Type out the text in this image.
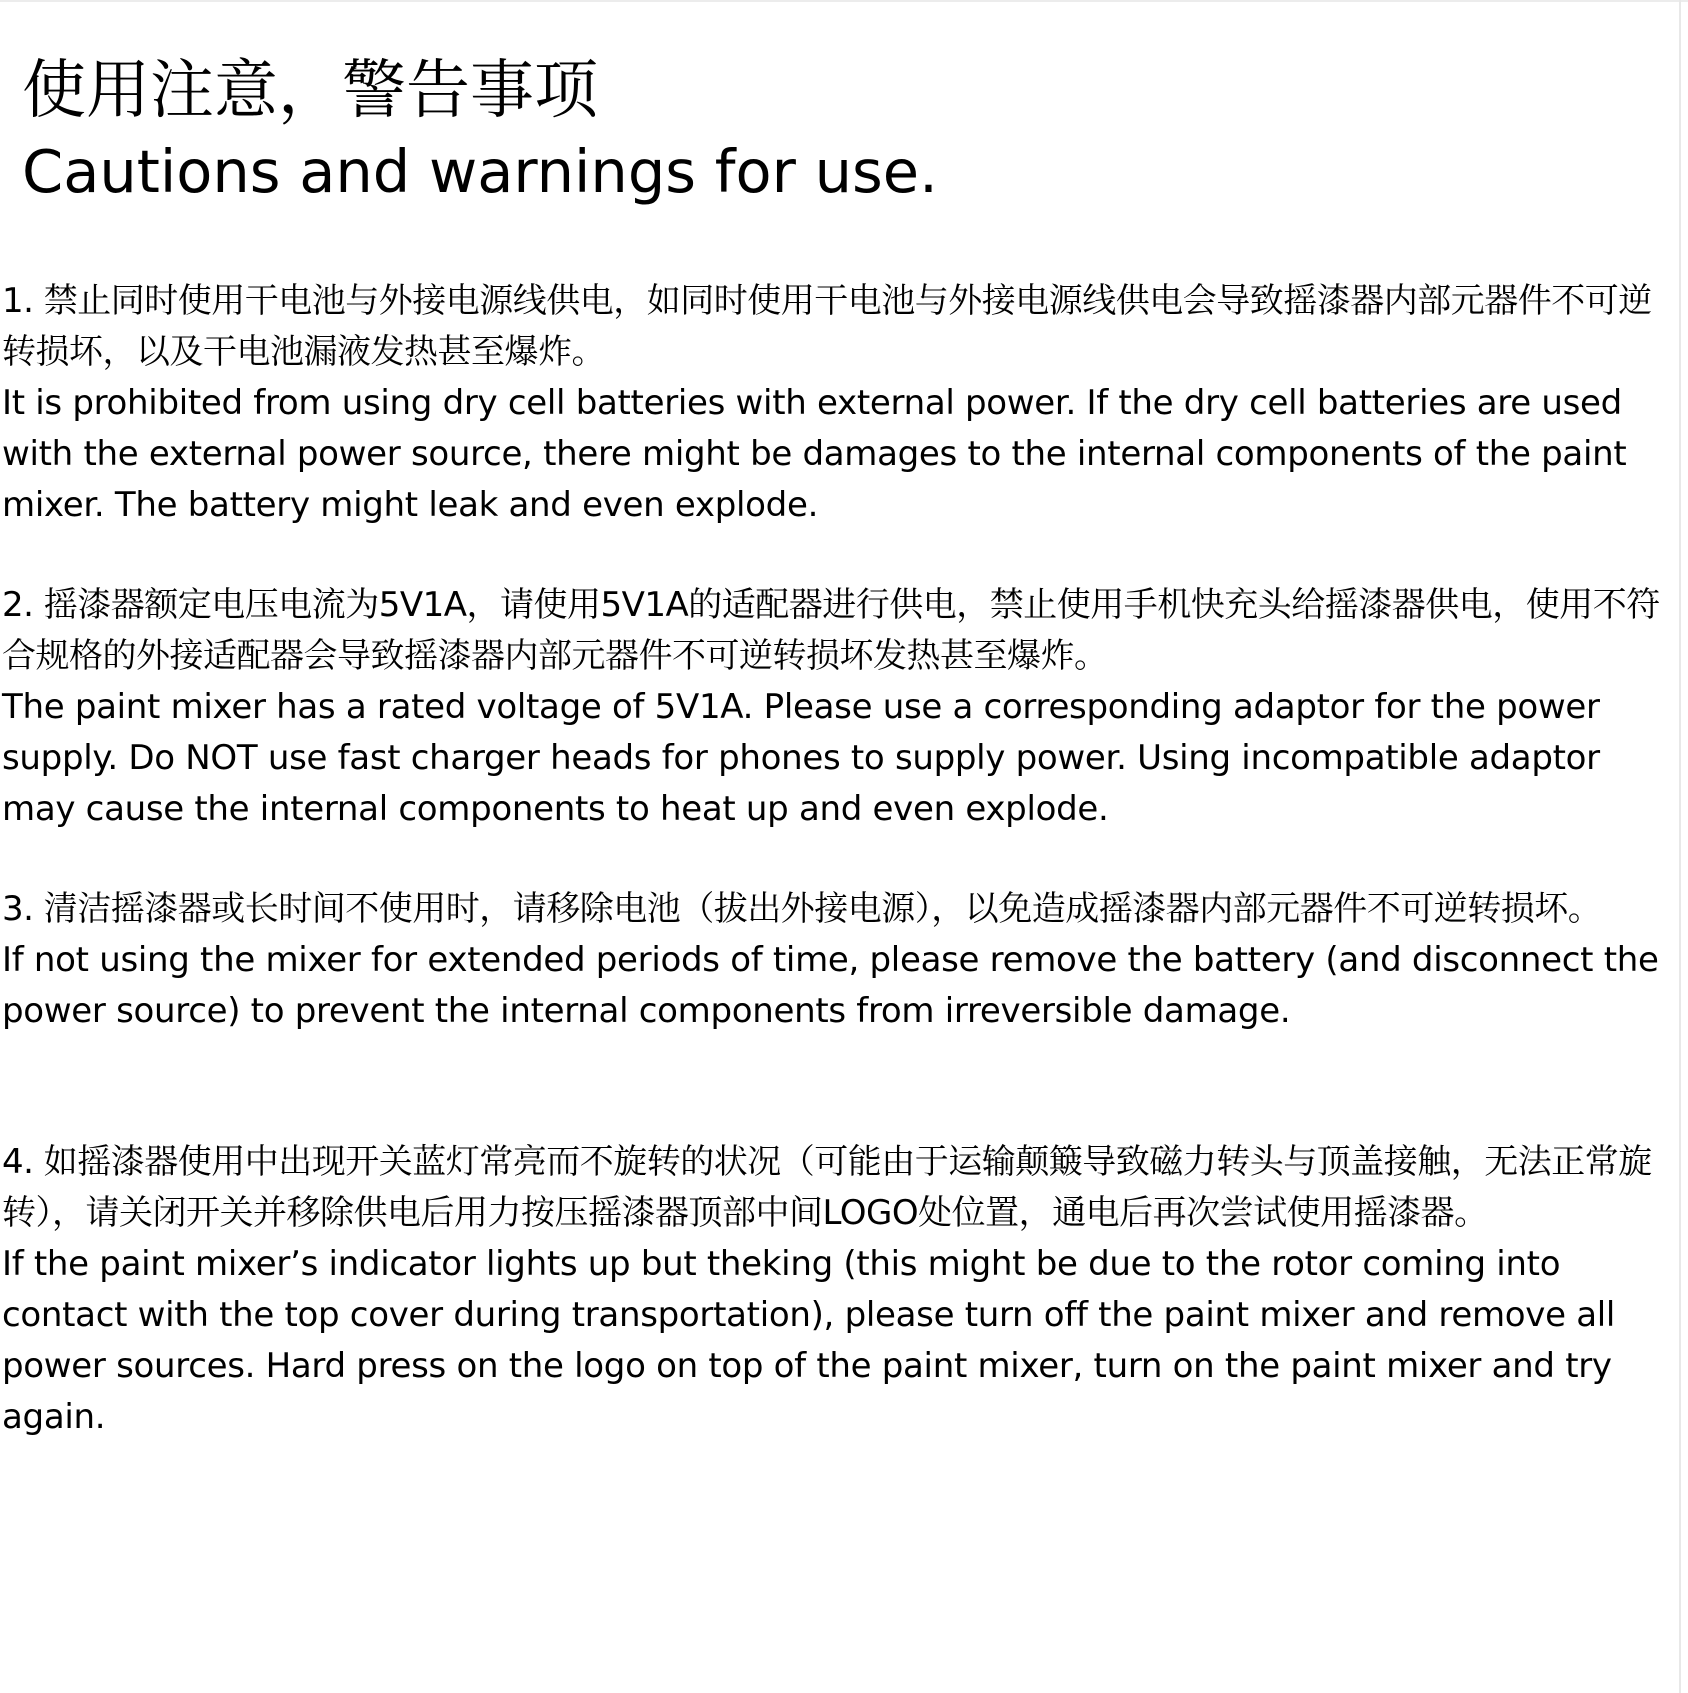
使用注意，警告事项
Cautions and warnings for use.
1. 禁止同时使用干电池与外接电源线供电，如同时使用干电池与外接电源线供电会导致摇漆器内部元器件不可逆转损坏，以及干电池漏液发热甚至爆炸。
It is prohibited from using dry cell batteries with external power. If the dry cell batteries are used with the external power source, there might be damages to the internal components of the paint mixer. The battery might leak and even explode.
2. 摇漆器额定电压电流为5V1A，请使用5V1A的适配器进行供电，禁止使用手机快充头给摇漆器供电，使用不符合规格的外接适配器会导致摇漆器内部元器件不可逆转损坏发热甚至爆炸。
The paint mixer has a rated voltage of 5V1A. Please use a corresponding adaptor for the power supply. Do NOT use fast charger heads for phones to supply power. Using incompatible adaptor may cause the internal components to heat up and even explode.
3. 清洁摇漆器或长时间不使用时，请移除电池（拔出外接电源），以免造成摇漆器内部元器件不可逆转损坏。
If not using the mixer for extended periods of time, please remove the battery (and disconnect the power source) to prevent the internal components from irreversible damage.
4. 如摇漆器使用中出现开关蓝灯常亮而不旋转的状况（可能由于运输颠簸导致磁力转头与顶盖接触，无法正常旋转），请关闭开关并移除供电后用力按压摇漆器顶部中间LOGO处位置，通电后再次尝试使用摇漆器。
If the paint mixer’s indicator lights up but theking (this might be due to the rotor coming into contact with the top cover during transportation), please turn off the paint mixer and remove all power sources. Hard press on the logo on top of the paint mixer, turn on the paint mixer and try again.
